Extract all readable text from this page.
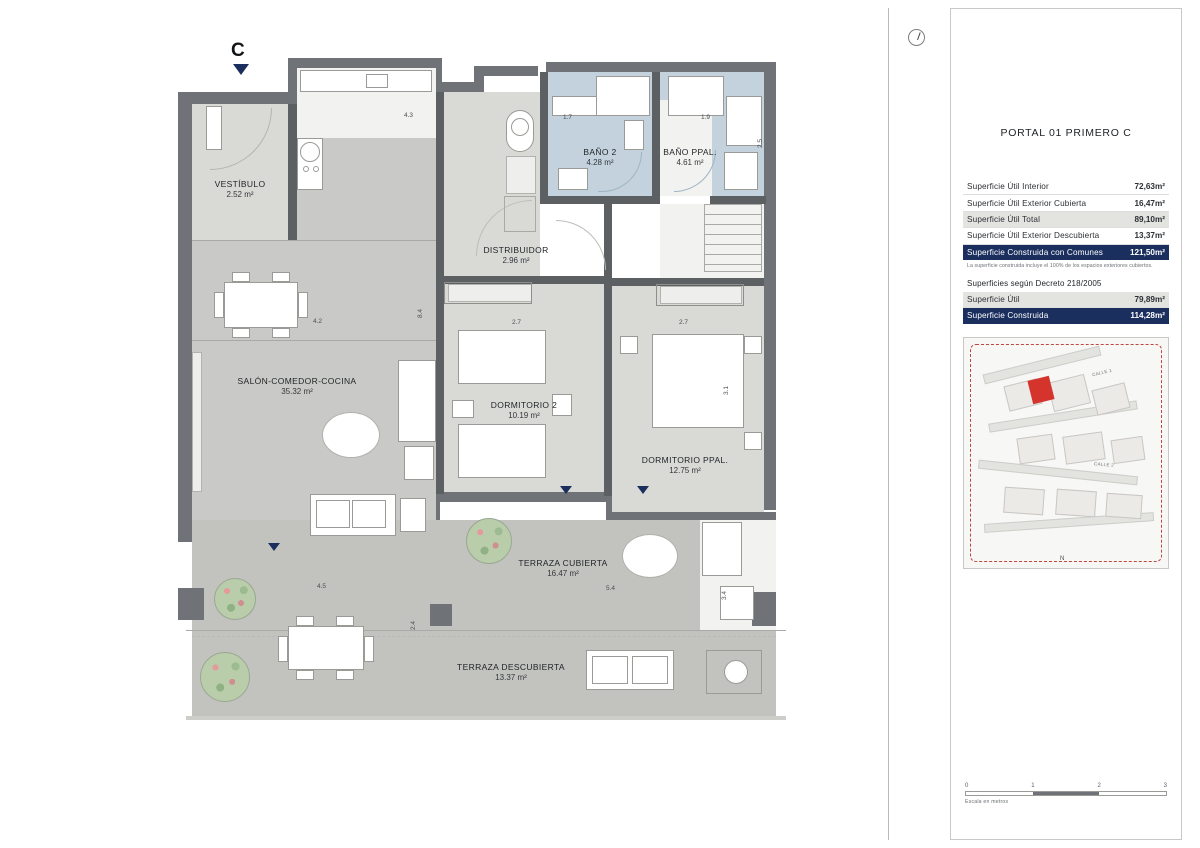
C
4.3	1.7	1.9
2.5
8.4
4.2	2.7	2.7
3.1
4.5	5.4
3.4
2.4
VESTÍBULO
2.52 m²
DISTRIBUIDOR
2.96 m²
BAÑO 2
4.28 m²
BAÑO PPAL.
4.61 m²
SALÓN-COMEDOR-COCINA
35.32 m²
DORMITORIO 2
10.19 m²
DORMITORIO PPAL.
12.75 m²
TERRAZA CUBIERTA
16.47 m²
TERRAZA DESCUBIERTA
13.37 m²
PORTAL 01 PRIMERO C
Superficie Útil Interior	72,63m²
Superficie Útil Exterior Cubierta	16,47m²
Superficie Útil Total	89,10m²
Superficie Útil Exterior Descubierta	13,37m²
Superficie Construida con Comunes	121,50m²
La superficie construida incluye el 100% de los espacios exteriores cubiertos.
Superficies según Decreto 218/2005
Superficie Útil	79,89m²
Superficie Construida	114,28m²
CALLE 1
CALLE 2
N
0	1	2	3
Escala en metros
